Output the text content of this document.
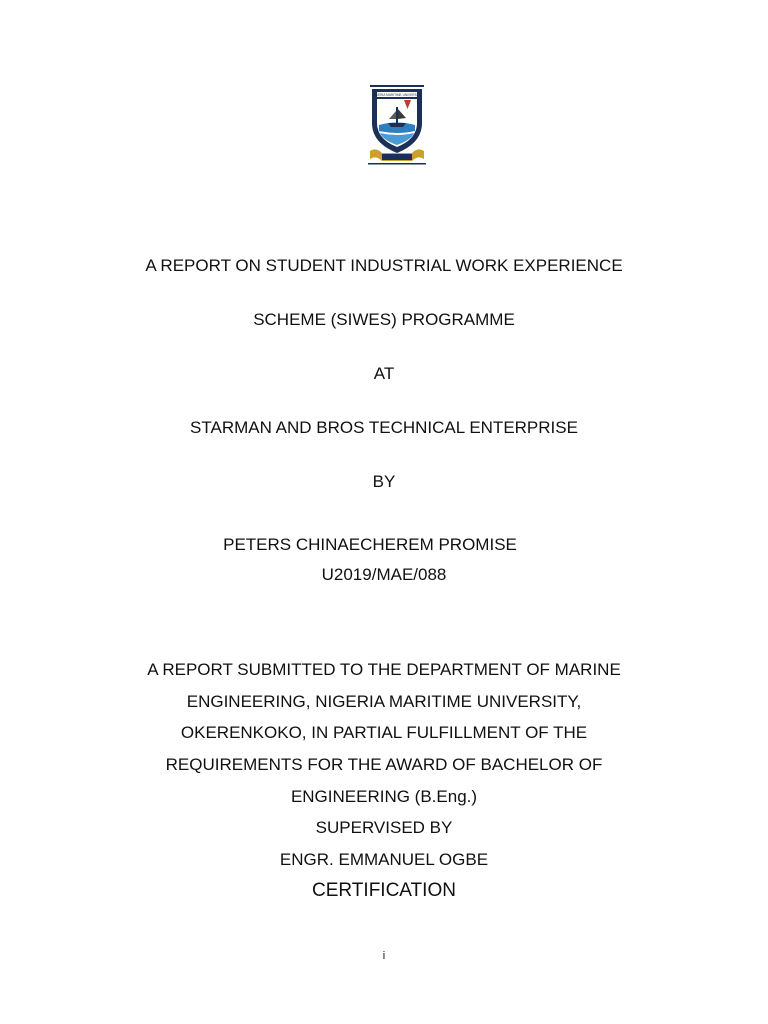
NIGERIA MARITIME UNIVERSITY
A REPORT ON STUDENT INDUSTRIAL WORK EXPERIENCE
SCHEME (SIWES) PROGRAMME
AT
STARMAN AND BROS TECHNICAL ENTERPRISE
BY
PETERS CHINAECHEREM PROMISE
U2019/MAE/088
A REPORT SUBMITTED TO THE DEPARTMENT OF MARINE
ENGINEERING, NIGERIA MARITIME UNIVERSITY,
OKERENKOKO, IN PARTIAL FULFILLMENT OF THE
REQUIREMENTS FOR THE AWARD OF BACHELOR OF
ENGINEERING (B.Eng.)
SUPERVISED BY
ENGR. EMMANUEL OGBE
CERTIFICATION
i
